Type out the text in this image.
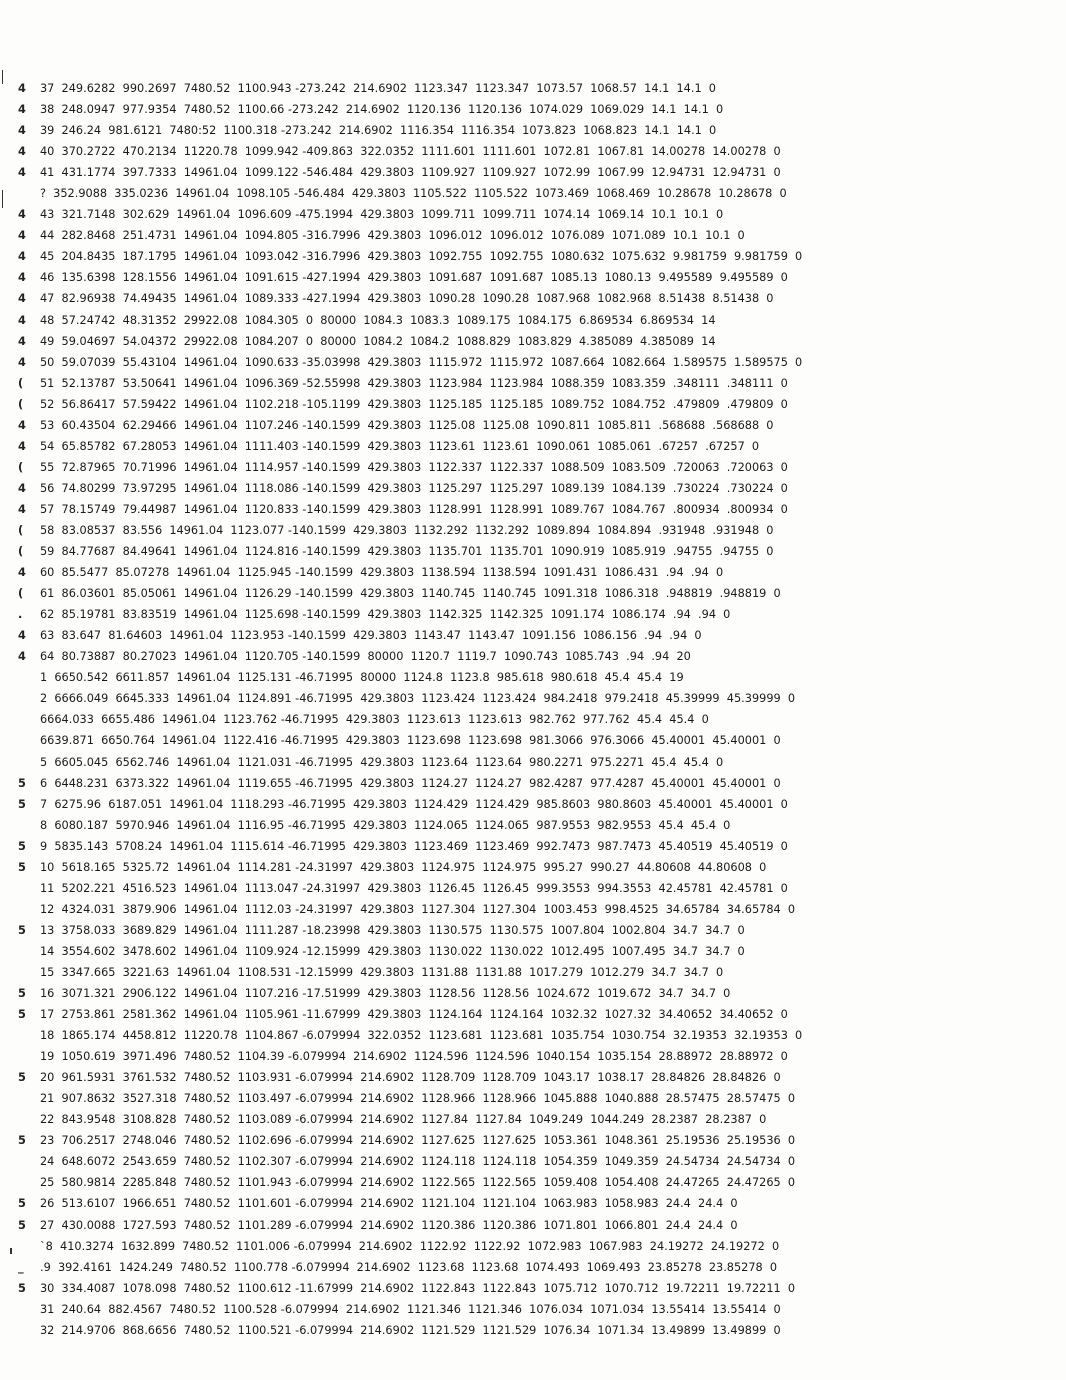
4	37  249.6282  990.2697  7480.52  1100.943 -273.242  214.6902  1123.347  1123.347  1073.57  1068.57  14.1  14.1  0
4	38  248.0947  977.9354  7480.52  1100.66 -273.242  214.6902  1120.136  1120.136  1074.029  1069.029  14.1  14.1  0
4	39  246.24  981.6121  7480:52  1100.318 -273.242  214.6902  1116.354  1116.354  1073.823  1068.823  14.1  14.1  0
4	40  370.2722  470.2134  11220.78  1099.942 -409.863  322.0352  1111.601  1111.601  1072.81  1067.81  14.00278  14.00278  0
4	41  431.1774  397.7333  14961.04  1099.122 -546.484  429.3803  1109.927  1109.927  1072.99  1067.99  12.94731  12.94731  0
?  352.9088  335.0236  14961.04  1098.105 -546.484  429.3803  1105.522  1105.522  1073.469  1068.469  10.28678  10.28678  0
4	43  321.7148  302.629  14961.04  1096.609 -475.1994  429.3803  1099.711  1099.711  1074.14  1069.14  10.1  10.1  0
4	44  282.8468  251.4731  14961.04  1094.805 -316.7996  429.3803  1096.012  1096.012  1076.089  1071.089  10.1  10.1  0
4	45  204.8435  187.1795  14961.04  1093.042 -316.7996  429.3803  1092.755  1092.755  1080.632  1075.632  9.981759  9.981759  0
4	46  135.6398  128.1556  14961.04  1091.615 -427.1994  429.3803  1091.687  1091.687  1085.13  1080.13  9.495589  9.495589  0
4	47  82.96938  74.49435  14961.04  1089.333 -427.1994  429.3803  1090.28  1090.28  1087.968  1082.968  8.51438  8.51438  0
4	48  57.24742  48.31352  29922.08  1084.305  0  80000  1084.3  1083.3  1089.175  1084.175  6.869534  6.869534  14
4	49  59.04697  54.04372  29922.08  1084.207  0  80000  1084.2  1084.2  1088.829  1083.829  4.385089  4.385089  14
4	50  59.07039  55.43104  14961.04  1090.633 -35.03998  429.3803  1115.972  1115.972  1087.664  1082.664  1.589575  1.589575  0
(	51  52.13787  53.50641  14961.04  1096.369 -52.55998  429.3803  1123.984  1123.984  1088.359  1083.359  .348111  .348111  0
(	52  56.86417  57.59422  14961.04  1102.218 -105.1199  429.3803  1125.185  1125.185  1089.752  1084.752  .479809  .479809  0
4	53  60.43504  62.29466  14961.04  1107.246 -140.1599  429.3803  1125.08  1125.08  1090.811  1085.811  .568688  .568688  0
4	54  65.85782  67.28053  14961.04  1111.403 -140.1599  429.3803  1123.61  1123.61  1090.061  1085.061  .67257  .67257  0
(	55  72.87965  70.71996  14961.04  1114.957 -140.1599  429.3803  1122.337  1122.337  1088.509  1083.509  .720063  .720063  0
4	56  74.80299  73.97295  14961.04  1118.086 -140.1599  429.3803  1125.297  1125.297  1089.139  1084.139  .730224  .730224  0
4	57  78.15749  79.44987  14961.04  1120.833 -140.1599  429.3803  1128.991  1128.991  1089.767  1084.767  .800934  .800934  0
(	58  83.08537  83.556  14961.04  1123.077 -140.1599  429.3803  1132.292  1132.292  1089.894  1084.894  .931948  .931948  0
(	59  84.77687  84.49641  14961.04  1124.816 -140.1599  429.3803  1135.701  1135.701  1090.919  1085.919  .94755  .94755  0
4	60  85.5477  85.07278  14961.04  1125.945 -140.1599  429.3803  1138.594  1138.594  1091.431  1086.431  .94  .94  0
(	61  86.03601  85.05061  14961.04  1126.29 -140.1599  429.3803  1140.745  1140.745  1091.318  1086.318  .948819  .948819  0
.	62  85.19781  83.83519  14961.04  1125.698 -140.1599  429.3803  1142.325  1142.325  1091.174  1086.174  .94  .94  0
4	63  83.647  81.64603  14961.04  1123.953 -140.1599  429.3803  1143.47  1143.47  1091.156  1086.156  .94  .94  0
4	64  80.73887  80.27023  14961.04  1120.705 -140.1599  80000  1120.7  1119.7  1090.743  1085.743  .94  .94  20
1  6650.542  6611.857  14961.04  1125.131 -46.71995  80000  1124.8  1123.8  985.618  980.618  45.4  45.4  19
2  6666.049  6645.333  14961.04  1124.891 -46.71995  429.3803  1123.424  1123.424  984.2418  979.2418  45.39999  45.39999  0
6664.033  6655.486  14961.04  1123.762 -46.71995  429.3803  1123.613  1123.613  982.762  977.762  45.4  45.4  0
6639.871  6650.764  14961.04  1122.416 -46.71995  429.3803  1123.698  1123.698  981.3066  976.3066  45.40001  45.40001  0
5  6605.045  6562.746  14961.04  1121.031 -46.71995  429.3803  1123.64  1123.64  980.2271  975.2271  45.4  45.4  0
5	6  6448.231  6373.322  14961.04  1119.655 -46.71995  429.3803  1124.27  1124.27  982.4287  977.4287  45.40001  45.40001  0
5	7  6275.96  6187.051  14961.04  1118.293 -46.71995  429.3803  1124.429  1124.429  985.8603  980.8603  45.40001  45.40001  0
8  6080.187  5970.946  14961.04  1116.95 -46.71995  429.3803  1124.065  1124.065  987.9553  982.9553  45.4  45.4  0
5	9  5835.143  5708.24  14961.04  1115.614 -46.71995  429.3803  1123.469  1123.469  992.7473  987.7473  45.40519  45.40519  0
5	10  5618.165  5325.72  14961.04  1114.281 -24.31997  429.3803  1124.975  1124.975  995.27  990.27  44.80608  44.80608  0
11  5202.221  4516.523  14961.04  1113.047 -24.31997  429.3803  1126.45  1126.45  999.3553  994.3553  42.45781  42.45781  0
12  4324.031  3879.906  14961.04  1112.03 -24.31997  429.3803  1127.304  1127.304  1003.453  998.4525  34.65784  34.65784  0
5	13  3758.033  3689.829  14961.04  1111.287 -18.23998  429.3803  1130.575  1130.575  1007.804  1002.804  34.7  34.7  0
14  3554.602  3478.602  14961.04  1109.924 -12.15999  429.3803  1130.022  1130.022  1012.495  1007.495  34.7  34.7  0
15  3347.665  3221.63  14961.04  1108.531 -12.15999  429.3803  1131.88  1131.88  1017.279  1012.279  34.7  34.7  0
5	16  3071.321  2906.122  14961.04  1107.216 -17.51999  429.3803  1128.56  1128.56  1024.672  1019.672  34.7  34.7  0
5	17  2753.861  2581.362  14961.04  1105.961 -11.67999  429.3803  1124.164  1124.164  1032.32  1027.32  34.40652  34.40652  0
18  1865.174  4458.812  11220.78  1104.867 -6.079994  322.0352  1123.681  1123.681  1035.754  1030.754  32.19353  32.19353  0
19  1050.619  3971.496  7480.52  1104.39 -6.079994  214.6902  1124.596  1124.596  1040.154  1035.154  28.88972  28.88972  0
5	20  961.5931  3761.532  7480.52  1103.931 -6.079994  214.6902  1128.709  1128.709  1043.17  1038.17  28.84826  28.84826  0
21  907.8632  3527.318  7480.52  1103.497 -6.079994  214.6902  1128.966  1128.966  1045.888  1040.888  28.57475  28.57475  0
22  843.9548  3108.828  7480.52  1103.089 -6.079994  214.6902  1127.84  1127.84  1049.249  1044.249  28.2387  28.2387  0
5	23  706.2517  2748.046  7480.52  1102.696 -6.079994  214.6902  1127.625  1127.625  1053.361  1048.361  25.19536  25.19536  0
24  648.6072  2543.659  7480.52  1102.307 -6.079994  214.6902  1124.118  1124.118  1054.359  1049.359  24.54734  24.54734  0
25  580.9814  2285.848  7480.52  1101.943 -6.079994  214.6902  1122.565  1122.565  1059.408  1054.408  24.47265  24.47265  0
5	26  513.6107  1966.651  7480.52  1101.601 -6.079994  214.6902  1121.104  1121.104  1063.983  1058.983  24.4  24.4  0
5	27  430.0088  1727.593  7480.52  1101.289 -6.079994  214.6902  1120.386  1120.386  1071.801  1066.801  24.4  24.4  0
`8  410.3274  1632.899  7480.52  1101.006 -6.079994  214.6902  1122.92  1122.92  1072.983  1067.983  24.19272  24.19272  0
_	.9  392.4161  1424.249  7480.52  1100.778 -6.079994  214.6902  1123.68  1123.68  1074.493  1069.493  23.85278  23.85278  0
5	30  334.4087  1078.098  7480.52  1100.612 -11.67999  214.6902  1122.843  1122.843  1075.712  1070.712  19.72211  19.72211  0
31  240.64  882.4567  7480.52  1100.528 -6.079994  214.6902  1121.346  1121.346  1076.034  1071.034  13.55414  13.55414  0
32  214.9706  868.6656  7480.52  1100.521 -6.079994  214.6902  1121.529  1121.529  1076.34  1071.34  13.49899  13.49899  0
